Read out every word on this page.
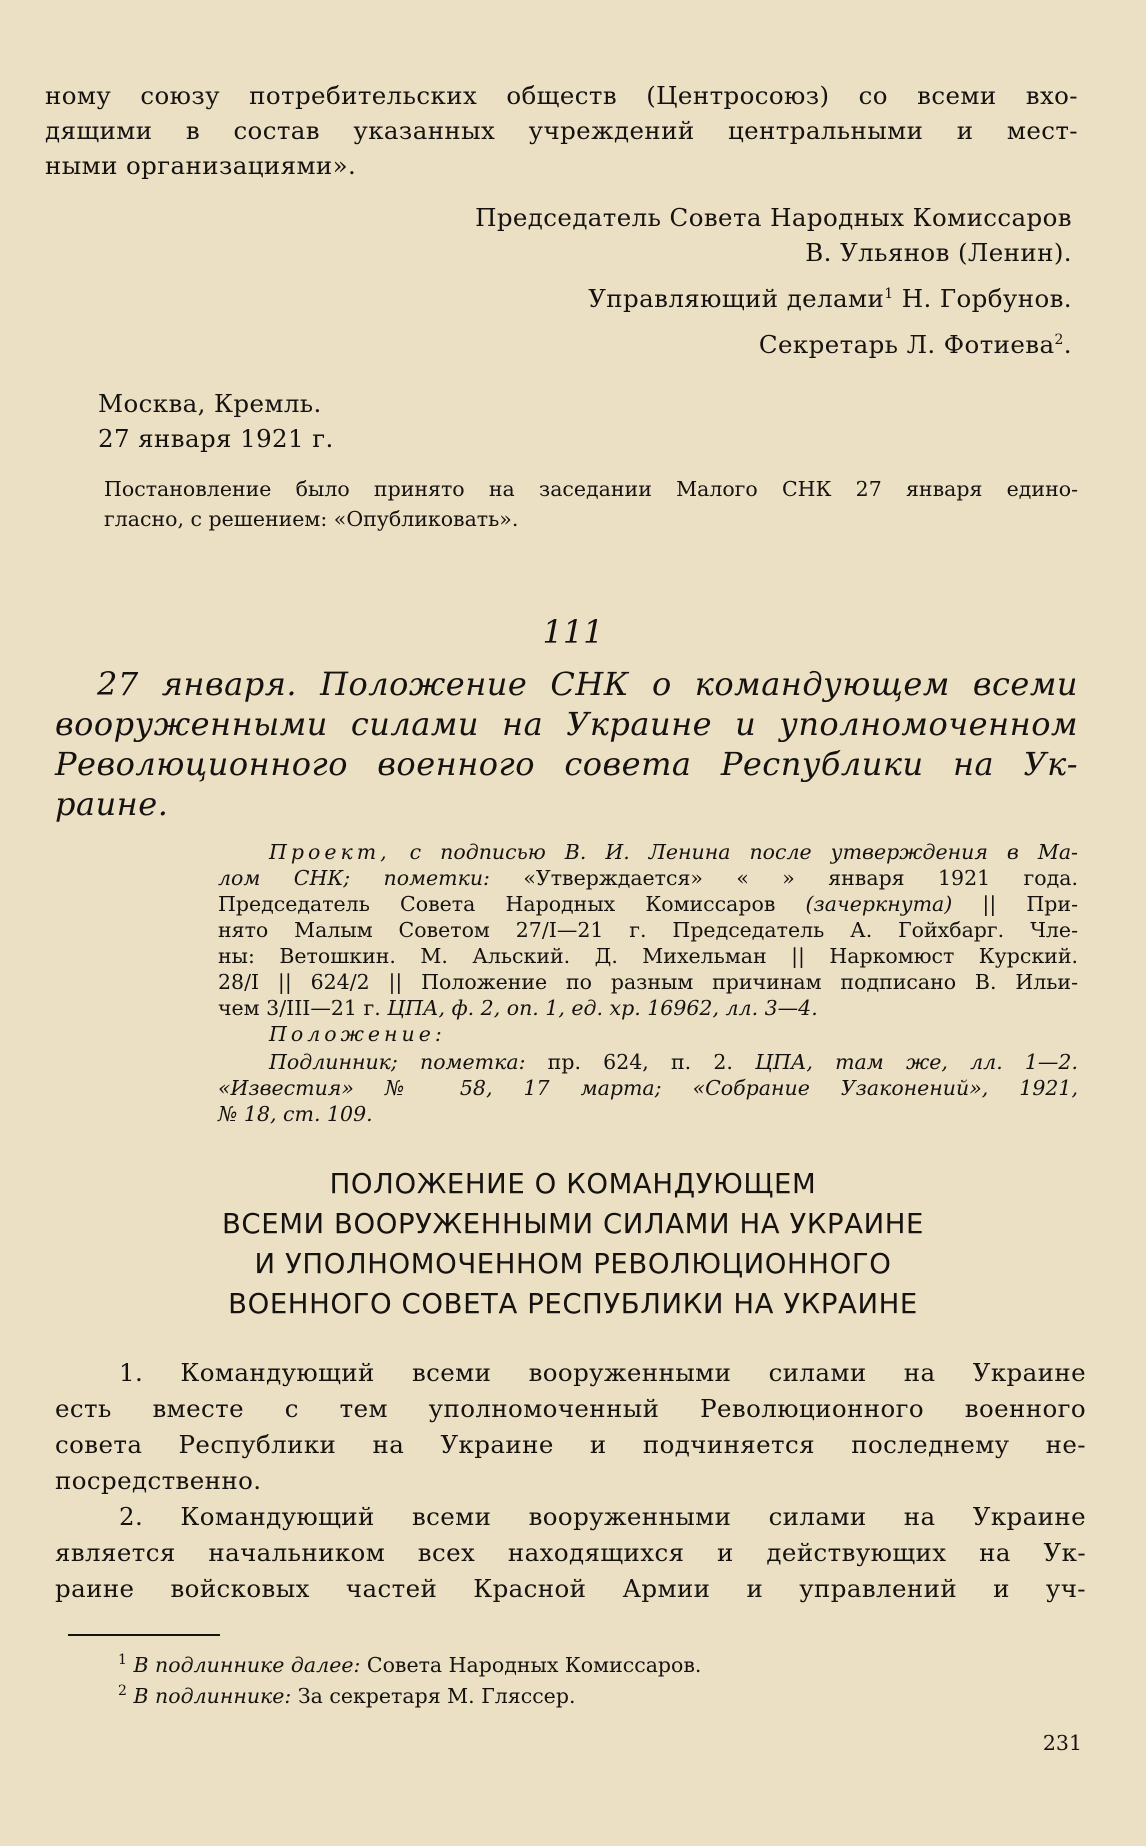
ному союзу потребительских обществ (Центросоюз) со всеми вхо-
дящими в состав указанных учреждений центральными и мест-
ными организациями».
Председатель Совета Народных Комиссаров
В. Ульянов (Ленин).
Управляющий делами$^1$ Н. Горбунов.
Секретарь Л. Фотиева$^2$.
Москва, Кремль.
27 января 1921 г.
Постановление было принято на заседании Малого СНК 27 января едино-
гласно, с решением: «Опубликовать».
111
27 января. Положение СНК о командующем всеми
вооруженными силами на Украине и уполномоченном
Революционного военного совета Республики на Ук-
раине.
Проект, с подписью В. И. Ленина после утверждения в Ма-
лом СНК; пометки: «Утверждается» « » января 1921 года.
Председатель Совета Народных Комиссаров (зачеркнута) || При-
нято Малым Советом 27/I—21 г. Председатель А. Гойхбарг. Чле-
ны: Ветошкин. М. Альский. Д. Михельман || Наркомюст Курский.
28/I || 624/2 || Положение по разным причинам подписано В. Ильи-
чем 3/III—21 г. ЦПА, ф. 2, оп. 1, ед. хр. 16962, лл. 3—4.
Положение:
Подлинник; пометка: пр. 624, п. 2. ЦПА, там же, лл. 1—2.
«Известия» № 58, 17 марта; «Собрание Узаконений», 1921,
№ 18, ст. 109.
ПОЛОЖЕНИЕ О КОМАНДУЮЩЕМ
ВСЕМИ ВООРУЖЕННЫМИ СИЛАМИ НА УКРАИНЕ
И УПОЛНОМОЧЕННОМ РЕВОЛЮЦИОННОГО
ВОЕННОГО СОВЕТА РЕСПУБЛИКИ НА УКРАИНЕ
1. Командующий всеми вооруженными силами на Украине
есть вместе с тем уполномоченный Революционного военного
совета Республики на Украине и подчиняется последнему не-
посредственно.
2. Командующий всеми вооруженными силами на Украине
является начальником всех находящихся и действующих на Ук-
раине войсковых частей Красной Армии и управлений и уч-
$^1$ В подлиннике далее: Совета Народных Комиссаров.
$^2$ В подлиннике: За секретаря М. Гляссер.
231
